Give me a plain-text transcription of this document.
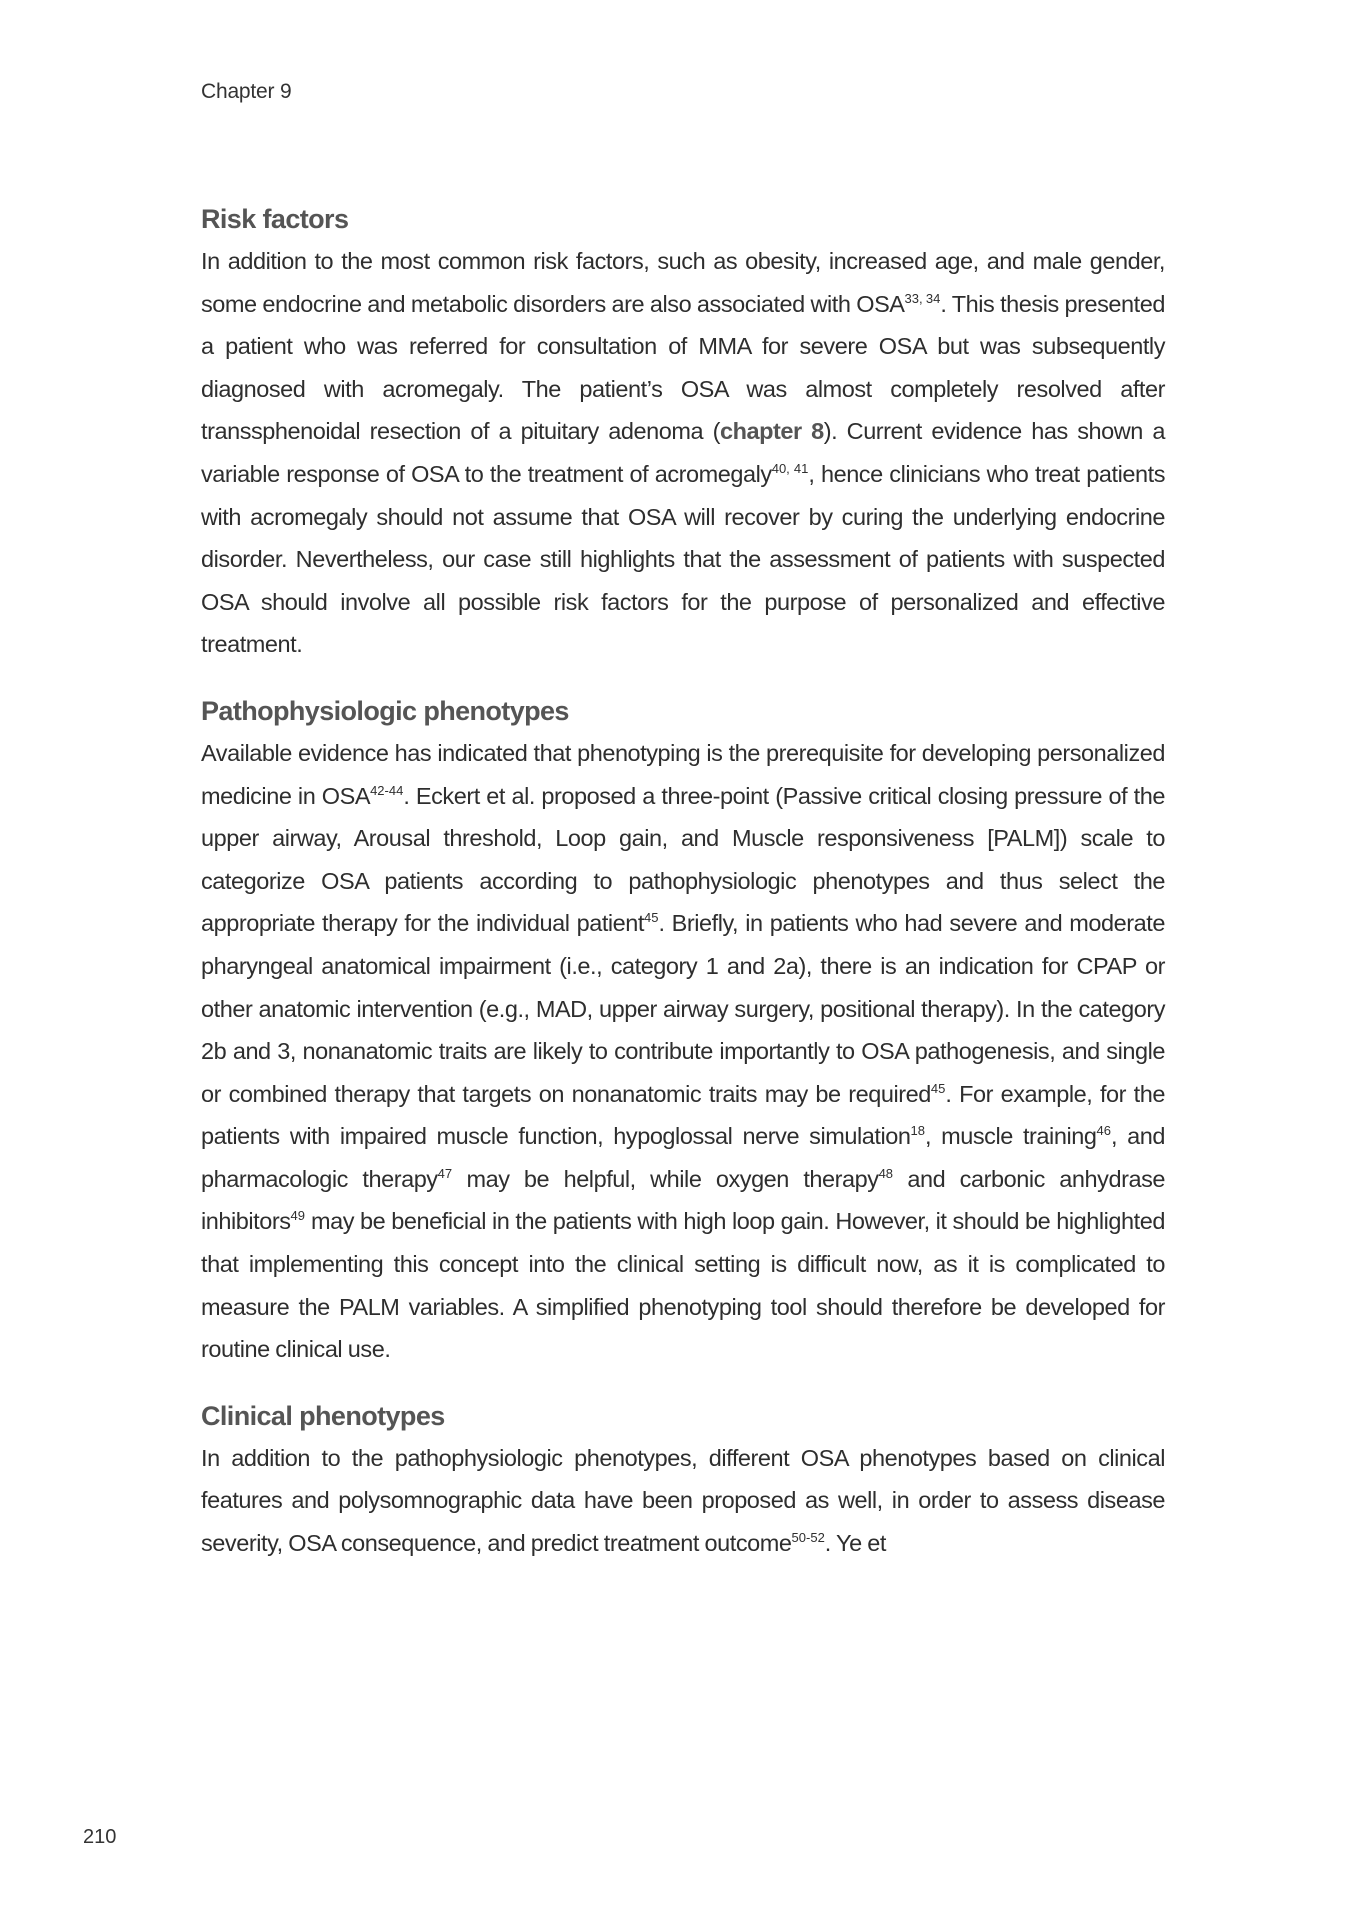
Chapter 9
Risk factors

In addition to the most common risk factors, such as obesity, increased age, and male gender, some endocrine and metabolic disorders are also associated with OSA$^{33, 34}$. This thesis presented a patient who was referred for consultation of MMA for severe OSA but was subsequently diagnosed with acromegaly. The patient’s OSA was almost completely resolved after transsphenoidal resection of a pituitary adenoma (chapter 8). Current evidence has shown a variable response of OSA to the treatment of acromegaly$^{40, 41}$, hence clinicians who treat patients with acromegaly should not assume that OSA will recover by curing the underlying endocrine disorder. Nevertheless, our case still highlights that the assessment of patients with suspected OSA should involve all possible risk factors for the purpose of personalized and effective treatment.

Pathophysiologic phenotypes

Available evidence has indicated that phenotyping is the prerequisite for developing personalized medicine in OSA$^{42-44}$. Eckert et al. proposed a three-point (Passive critical closing pressure of the upper airway, Arousal threshold, Loop gain, and Muscle responsiveness [PALM]) scale to categorize OSA patients according to pathophysiologic phenotypes and thus select the appropriate therapy for the individual patient$^{45}$. Briefly, in patients who had severe and moderate pharyngeal anatomical impairment (i.e., category 1 and 2a), there is an indication for CPAP or other anatomic intervention (e.g., MAD, upper airway surgery, positional therapy). In the category 2b and 3, nonanatomic traits are likely to contribute importantly to OSA pathogenesis, and single or combined therapy that targets on nonanatomic traits may be required$^{45}$. For example, for the patients with impaired muscle function, hypoglossal nerve simulation$^{18}$, muscle training$^{46}$, and pharmacologic therapy$^{47}$ may be helpful, while oxygen therapy$^{48}$ and carbonic anhydrase inhibitors$^{49}$ may be beneficial in the patients with high loop gain. However, it should be highlighted that implementing this concept into the clinical setting is difficult now, as it is complicated to measure the PALM variables. A simplified phenotyping tool should therefore be developed for routine clinical use.

Clinical phenotypes

In addition to the pathophysiologic phenotypes, different OSA phenotypes based on clinical features and polysomnographic data have been proposed as well, in order to assess disease severity, OSA consequence, and predict treatment outcome$^{50-52}$. Ye et

210
